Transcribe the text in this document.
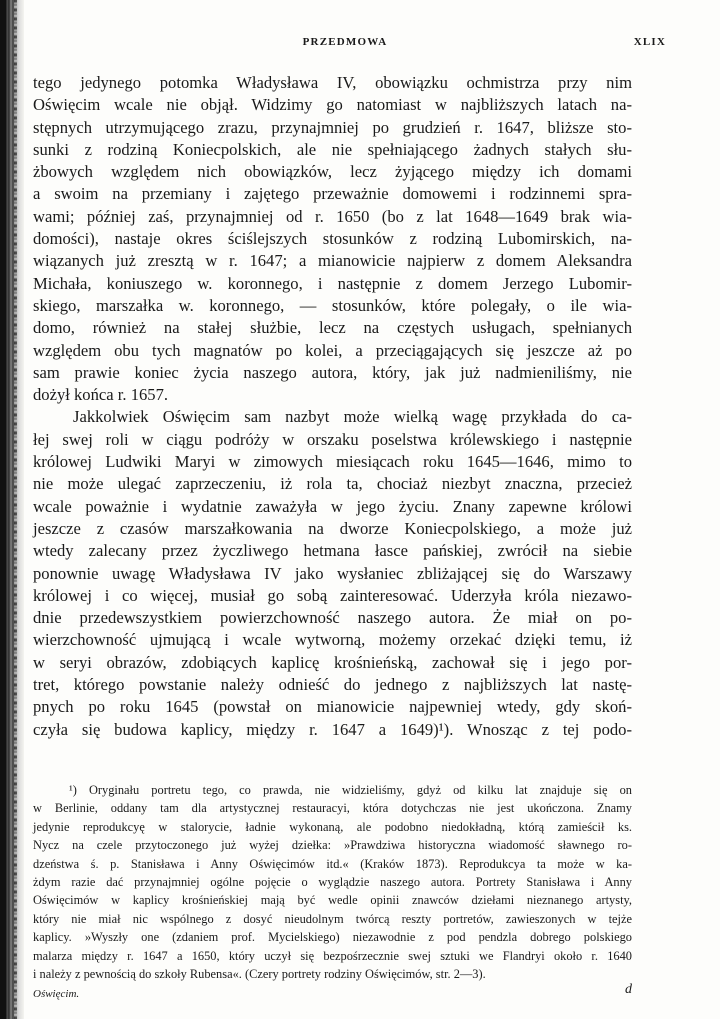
PRZEDMOWA	XLIX
tego jedynego potomka Władysława IV, obowiązku ochmistrza przy nim
Oświęcim wcale nie objął. Widzimy go natomiast w najbliższych latach na-
stępnych utrzymującego zrazu, przynajmniej po grudzień r. 1647, bliższe sto-
sunki z rodziną Koniecpolskich, ale nie spełniającego żadnych stałych słu-
żbowych względem nich obowiązków, lecz żyjącego między ich domami
a swoim na przemiany i zajętego przeważnie domowemi i rodzinnemi spra-
wami; później zaś, przynajmniej od r. 1650 (bo z lat 1648—1649 brak wia-
domości), nastaje okres ściślejszych stosunków z rodziną Lubomirskich, na-
wiązanych już zresztą w r. 1647; a mianowicie najpierw z domem Aleksandra
Michała, koniuszego w. koronnego, i następnie z domem Jerzego Lubomir-
skiego, marszałka w. koronnego, — stosunków, które polegały, o ile wia-
domo, również na stałej służbie, lecz na częstych usługach, spełnianych
względem obu tych magnatów po kolei, a przeciągających się jeszcze aż po
sam prawie koniec życia naszego autora, który, jak już nadmieniliśmy, nie
dożył końca r. 1657.
Jakkolwiek Oświęcim sam nazbyt może wielką wagę przykłada do ca-
łej swej roli w ciągu podróży w orszaku poselstwa królewskiego i następnie
królowej Ludwiki Maryi w zimowych miesiącach roku 1645—1646, mimo to
nie może ulegać zaprzeczeniu, iż rola ta, chociaż niezbyt znaczna, przecież
wcale poważnie i wydatnie zaważyła w jego życiu. Znany zapewne królowi
jeszcze z czasów marszałkowania na dworze Koniecpolskiego, a może już
wtedy zalecany przez życzliwego hetmana łasce pańskiej, zwrócił na siebie
ponownie uwagę Władysława IV jako wysłaniec zbliżającej się do Warszawy
królowej i co więcej, musiał go sobą zainteresować. Uderzyła króla niezawo-
dnie przedewszystkiem powierzchowność naszego autora. Że miał on po-
wierzchowność ujmującą i wcale wytworną, możemy orzekać dzięki temu, iż
w seryi obrazów, zdobiących kaplicę krośnieńską, zachował się i jego por-
tret, którego powstanie należy odnieść do jednego z najbliższych lat nastę-
pnych po roku 1645 (powstał on mianowicie najpewniej wtedy, gdy skoń-
czyła się budowa kaplicy, między r. 1647 a 1649)¹). Wnosząc z tej podo-
¹) Oryginału portretu tego, co prawda, nie widzieliśmy, gdyż od kilku lat znajduje się on
w Berlinie, oddany tam dla artystycznej restauracyi, która dotychczas nie jest ukończona. Znamy
jedynie reprodukcyę w stalorycie, ładnie wykonaną, ale podobno niedokładną, którą zamieścił ks.
Nycz na czele przytoczonego już wyżej dziełka: »Prawdziwa historyczna wiadomość sławnego ro-
dzeństwa ś. p. Stanisława i Anny Oświęcimów itd.« (Kraków 1873). Reprodukcya ta może w ka-
żdym razie dać przynajmniej ogólne pojęcie o wyglądzie naszego autora. Portrety Stanisława i Anny
Oświęcimów w kaplicy krośnieńskiej mają być wedle opinii znawców dziełami nieznanego artysty,
który nie miał nic wspólnego z dosyć nieudolnym twórcą reszty portretów, zawieszonych w tejże
kaplicy. »Wyszły one (zdaniem prof. Mycielskiego) niezawodnie z pod pendzla dobrego polskiego
malarza między r. 1647 a 1650, który uczył się bezpośrzecznie swej sztuki we Flandryi około r. 1640
i należy z pewnością do szkoły Rubensa«. (Czery portrety rodziny Oświęcimów, str. 2—3).
Oświęcim.	d
